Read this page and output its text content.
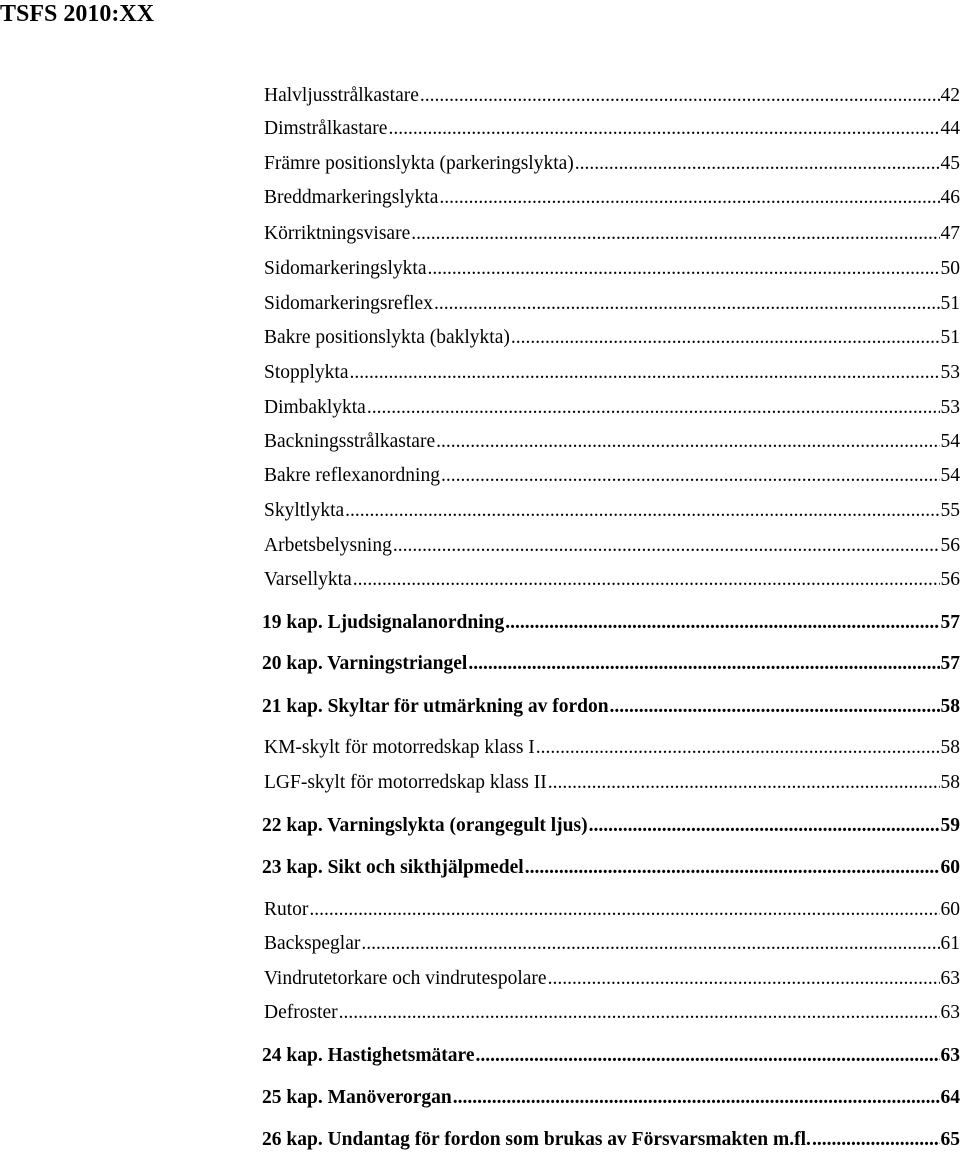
TSFS 2010:XX
Halvljusstrålkastare .....	42
Dimstrålkastare .....	44
Främre positionslykta (parkeringslykta) .....	45
Breddmarkeringslykta .....	46
Körriktningsvisare .....	47
Sidomarkeringslykta .....	50
Sidomarkeringsreflex .....	51
Bakre positionslykta (baklykta) .....	51
Stopplykta .....	53
Dimbaklykta .....	53
Backningsstrålkastare .....	54
Bakre reflexanordning .....	54
Skyltlykta .....	55
Arbetsbelysning .....	56
Varsellykta .....	56
19 kap. Ljudsignalanordning .....	57
20 kap. Varningstriangel .....	57
21 kap. Skyltar för utmärkning av fordon .....	58
KM-skylt för motorredskap klass I .....	58
LGF-skylt för motorredskap klass II .....	58
22 kap. Varningslykta (orangegult ljus) .....	59
23 kap. Sikt och sikthjälpmedel .....	60
Rutor .....	60
Backspeglar .....	61
Vindrutetorkare och vindrutespolare .....	63
Defroster .....	63
24 kap. Hastighetsmätare .....	63
25 kap. Manöverorgan .....	64
26 kap. Undantag för fordon som brukas av Försvarsmakten m.fl. .....	65
